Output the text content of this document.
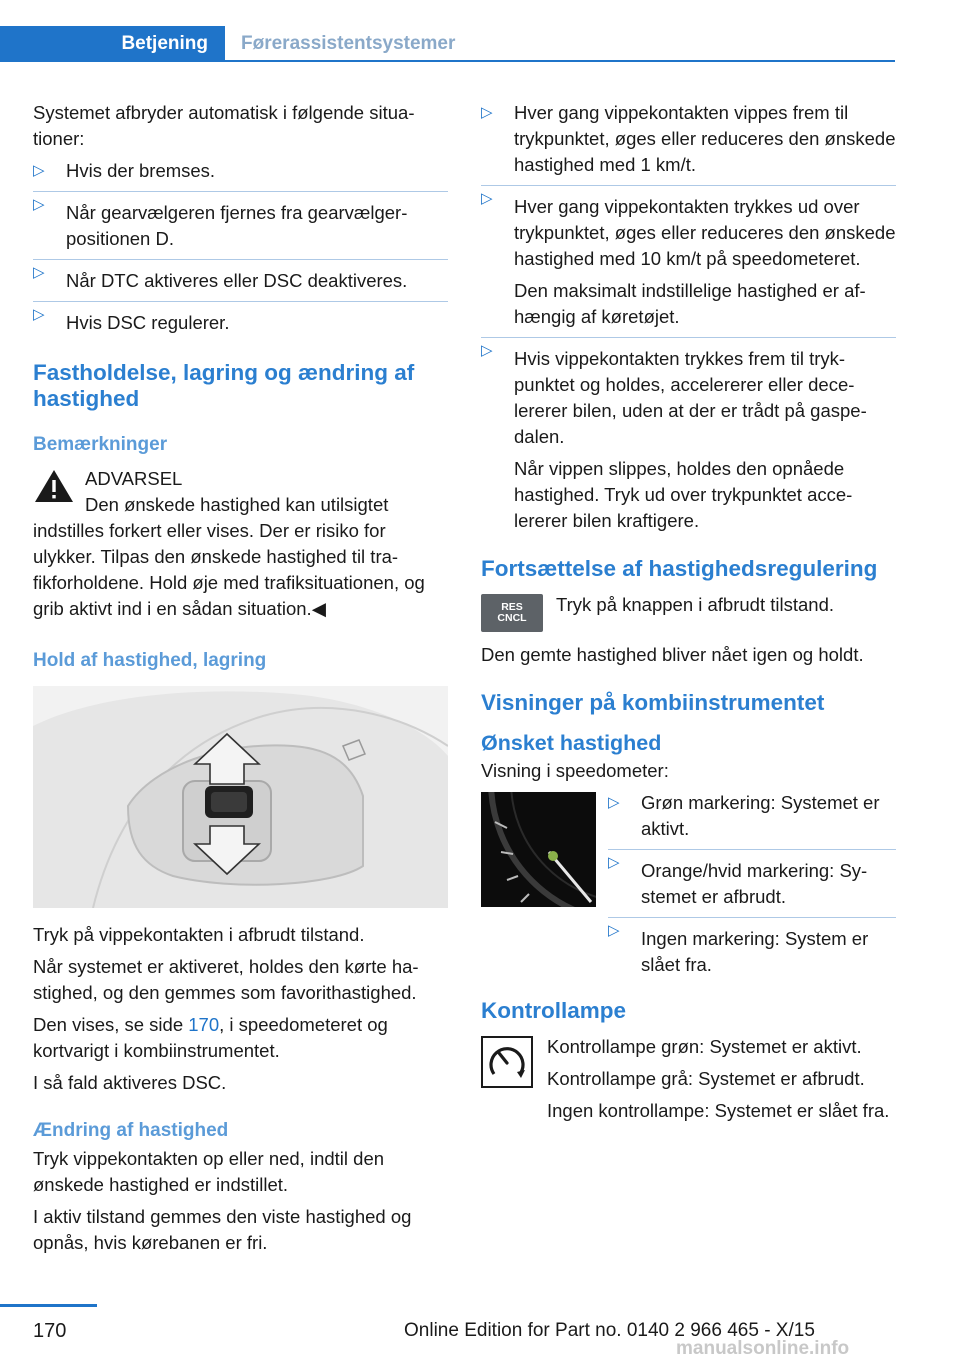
Betjening	Førerassistentsystemer

Systemet afbryder automatisk i følgende situationer:

▷ Hvis der bremses.
▷ Når gearvælgeren fjernes fra gearvælgerpositionen D.
▷ Når DTC aktiveres eller DSC deaktiveres.
▷ Hvis DSC regulerer.
Fastholdelse, lagring og ændring af hastighed
Bemærkninger

ADVARSEL

Den ønskede hastighed kan utilsigtet indstilles forkert eller vises. Der er risiko for ulykker. Tilpas den ønskede hastighed til trafikforholdene. Hold øje med trafiksituationen, og grib aktivt ind i en sådan situation.◀

Hold af hastighed, lagring

Tryk på vippekontakten i afbrudt tilstand.

Når systemet er aktiveret, holdes den kørte hastighed, og den gemmes som favorithastighed.

Den vises, se side 170, i speedometeret og kortvarigt i kombiinstrumentet.

I så fald aktiveres DSC.

Ændring af hastighed

Tryk vippekontakten op eller ned, indtil den ønskede hastighed er indstillet.

I aktiv tilstand gemmes den viste hastighed og opnås, hvis kørebanen er fri.

▷ Hver gang vippekontakten vippes frem til trykpunktet, øges eller reduceres den ønskede hastighed med 1 km/t.
▷ Hver gang vippekontakten trykkes ud over trykpunktet, øges eller reduceres den ønskede hastighed med 10 km/t på speedometeret.
Den maksimalt indstillelige hastighed er afhængig af køretøjet.
▷ Hvis vippekontakten trykkes frem til trykpunktet og holdes, accelererer eller decelererer bilen, uden at der er trådt på gaspedalen.
Når vippen slippes, holdes den opnåede hastighed. Tryk ud over trykpunktet accelererer bilen kraftigere.
Fortsættelse af hastighedsregulering
RES
CNCL

Tryk på knappen i afbrudt tilstand.

Den gemte hastighed bliver nået igen og holdt.

Visninger på kombiinstrumentet
Ønsket hastighed

Visning i speedometer:

▷ Grøn markering: Systemet er aktivt.
▷ Orange/hvid markering: Systemet er afbrudt.
▷ Ingen markering: System er slået fra.
Kontrollampe

Kontrollampe grøn: Systemet er aktivt.

Kontrollampe grå: Systemet er afbrudt.

Ingen kontrollampe: Systemet er slået fra.

170	Online Edition for Part no. 0140 2 966 465 - X/15
manualsonline.info
